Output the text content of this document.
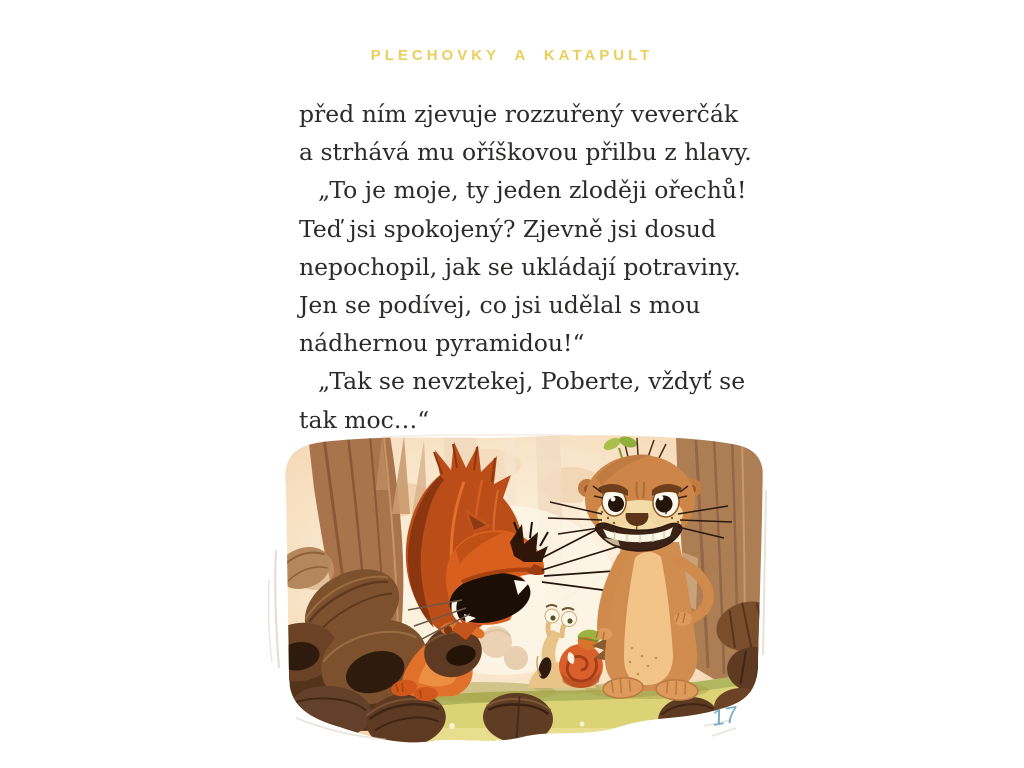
PLECHOVKY A KATAPULT
před ním zjevuje rozzuřený veverčák
a strhává mu oříškovou přilbu z hlavy.
„To je moje, ty jeden zloději ořechů!
Teď jsi spokojený? Zjevně jsi dosud
nepochopil, jak se ukládají potraviny.
Jen se podívej, co jsi udělal s mou
nádhernou pyramidou!“
„Tak se nevztekej, Poberte, vždyť se
tak moc…“
17
